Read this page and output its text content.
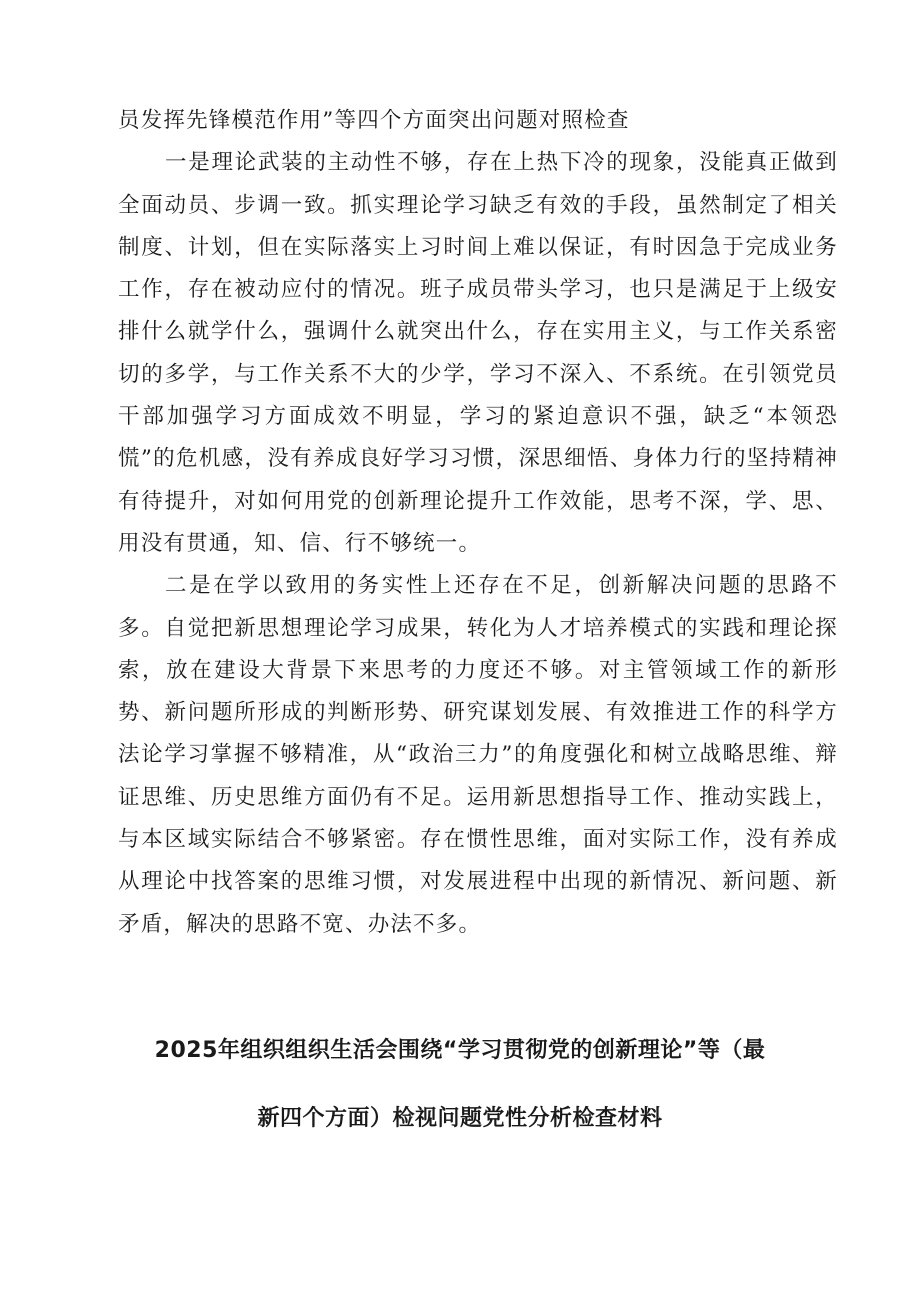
员发挥先锋模范作用”等四个方面突出问题对照检查

一是理论武装的主动性不够，存在上热下冷的现象，没能真正做到全面动员、步调一致。抓实理论学习缺乏有效的手段，虽然制定了相关制度、计划，但在实际落实上习时间上难以保证，有时因急于完成业务工作，存在被动应付的情况。班子成员带头学习，也只是满足于上级安排什么就学什么，强调什么就突出什么，存在实用主义，与工作关系密切的多学，与工作关系不大的少学，学习不深入、不系统。在引领党员干部加强学习方面成效不明显，学习的紧迫意识不强，缺乏“本领恐慌”的危机感，没有养成良好学习习惯，深思细悟、身体力行的坚持精神有待提升，对如何用党的创新理论提升工作效能，思考不深，学、思、用没有贯通，知、信、行不够统一。

二是在学以致用的务实性上还存在不足，创新解决问题的思路不多。自觉把新思想理论学习成果，转化为人才培养模式的实践和理论探索，放在建设大背景下来思考的力度还不够。对主管领域工作的新形势、新问题所形成的判断形势、研究谋划发展、有效推进工作的科学方法论学习掌握不够精准，从“政治三力”的角度强化和树立战略思维、辩证思维、历史思维方面仍有不足。运用新思想指导工作、推动实践上，与本区域实际结合不够紧密。存在惯性思维，面对实际工作，没有养成从理论中找答案的思维习惯，对发展进程中出现的新情况、新问题、新矛盾，解决的思路不宽、办法不多。

2025年组织组织生活会围绕“学习贯彻党的创新理论”等（最
新四个方面）检视问题党性分析检查材料
